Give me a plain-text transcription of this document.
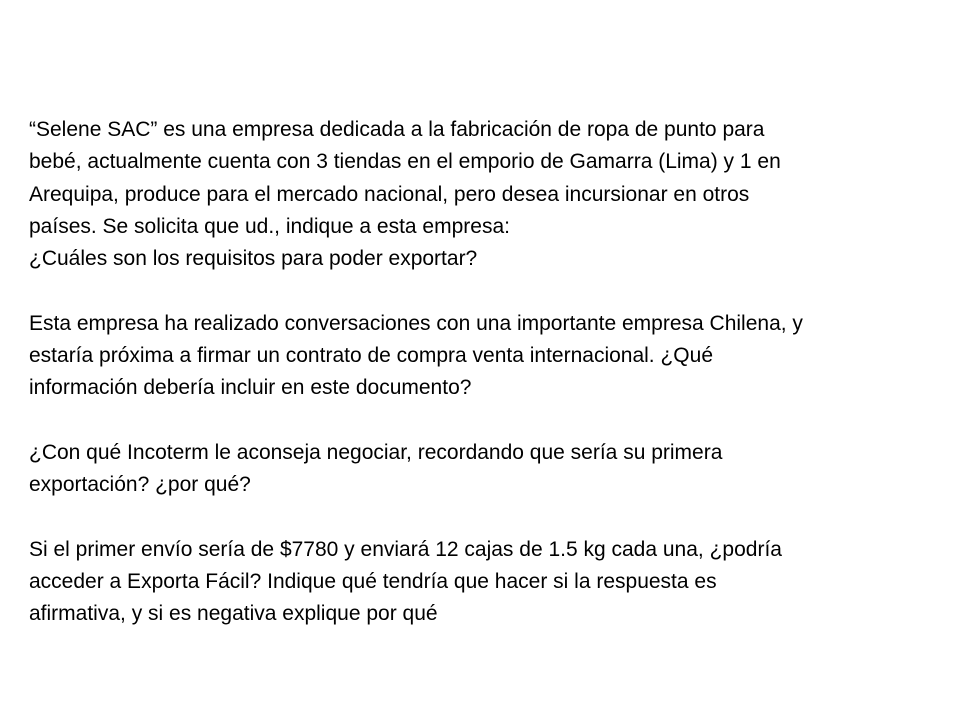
“Selene SAC” es una empresa dedicada a la fabricación de ropa de punto para
bebé, actualmente cuenta con 3 tiendas en el emporio de Gamarra (Lima) y 1 en
Arequipa, produce para el mercado nacional, pero desea incursionar en otros
países. Se solicita que ud., indique a esta empresa:
¿Cuáles son los requisitos para poder exportar?

Esta empresa ha realizado conversaciones con una importante empresa Chilena, y
estaría próxima a firmar un contrato de compra venta internacional. ¿Qué
información debería incluir en este documento?

¿Con qué Incoterm le aconseja negociar, recordando que sería su primera
exportación? ¿por qué?

Si el primer envío sería de $7780 y enviará 12 cajas de 1.5 kg cada una, ¿podría
acceder a Exporta Fácil? Indique qué tendría que hacer si la respuesta es
afirmativa, y si es negativa explique por qué
